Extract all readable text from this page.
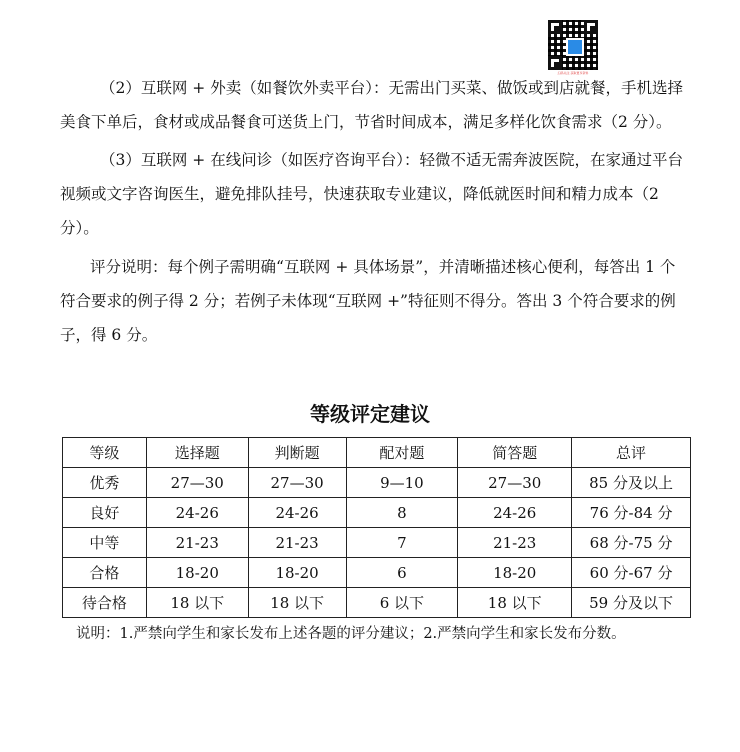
扫码关注 获取更多资料

（2）互联网 + 外卖（如餐饮外卖平台）：无需出门买菜、做饭或到店就餐，手机选择美食下单后，食材或成品餐食可送货上门，节省时间成本，满足多样化饮食需求（2 分）。

（3）互联网 + 在线问诊（如医疗咨询平台）：轻微不适无需奔波医院，在家通过平台视频或文字咨询医生，避免排队挂号，快速获取专业建议，降低就医时间和精力成本（2 分）。

评分说明：每个例子需明确“互联网 + 具体场景”，并清晰描述核心便利，每答出 1 个符合要求的例子得 2 分；若例子未体现“互联网 +”特征则不得分。答出 3 个符合要求的例子，得 6 分。

等级评定建议
等级	选择题	判断题	配对题	简答题	总评
优秀	27—30	27—30	9—10	27—30	85 分及以上
良好	24-26	24-26	8	24-26	76 分-84 分
中等	21-23	21-23	7	21-23	68 分-75 分
合格	18-20	18-20	6	18-20	60 分-67 分
待合格	18 以下	18 以下	6 以下	18 以下	59 分及以下

说明：1.严禁向学生和家长发布上述各题的评分建议；2.严禁向学生和家长发布分数。
